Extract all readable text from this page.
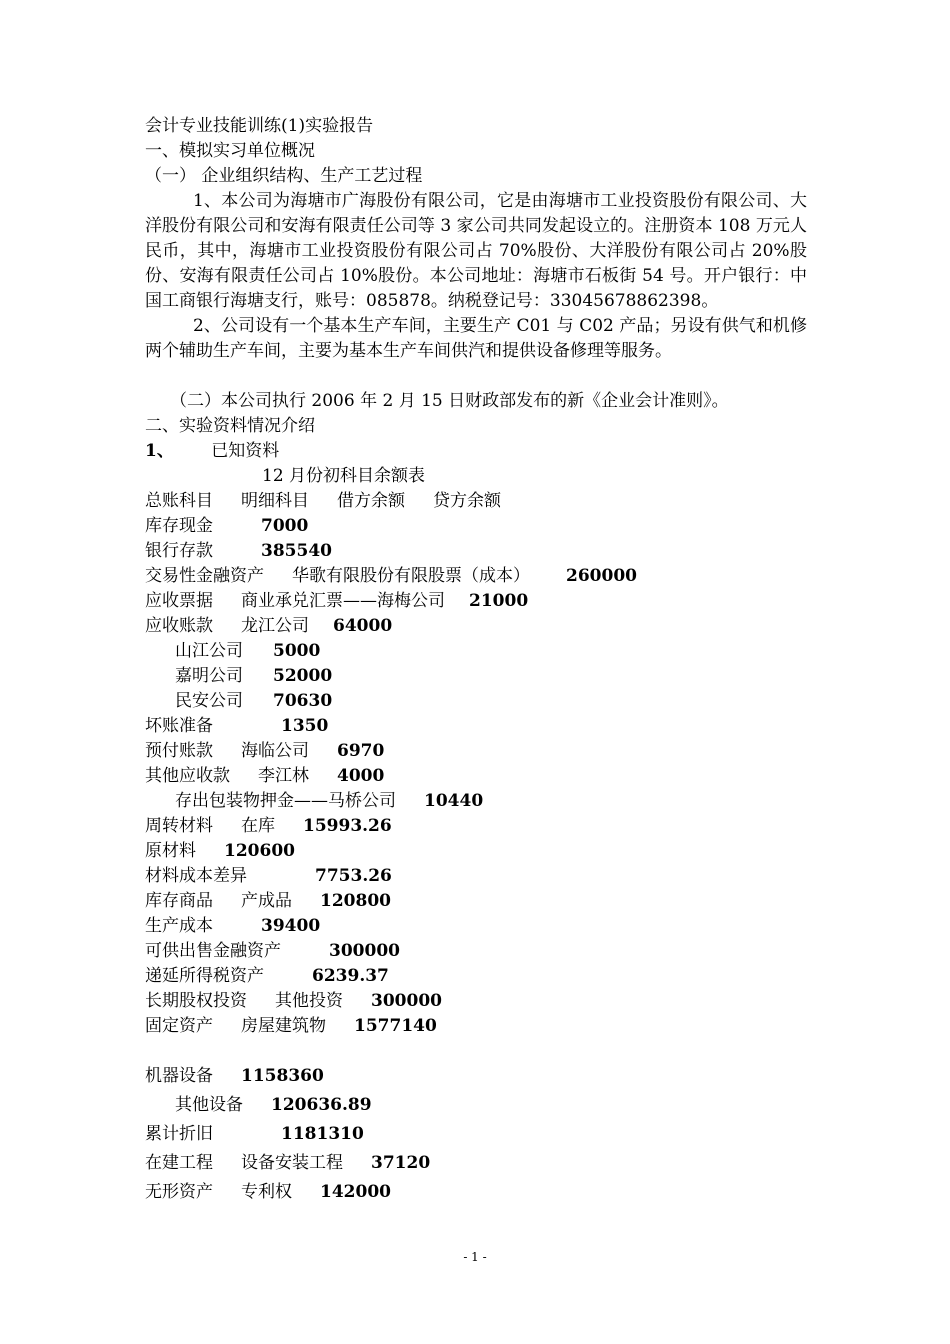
会计专业技能训练(1)实验报告
一、模拟实习单位概况
（一） 企业组织结构、生产工艺过程

1、本公司为海塘市广海股份有限公司，它是由海塘市工业投资股份有限公司、大洋股份有限公司和安海有限责任公司等 3 家公司共同发起设立的。注册资本 108 万元人民币，其中，海塘市工业投资股份有限公司占 70%股份、大洋股份有限公司占 20%股份、安海有限责任公司占 10%股份。本公司地址：海塘市石板街 54 号。开户银行：中国工商银行海塘支行，账号：085878。纳税登记号：33045678862398。

2、公司设有一个基本生产车间，主要生产 C01 与 C02 产品；另设有供气和机修两个辅助生产车间，主要为基本生产车间供汽和提供设备修理等服务。

（二）本公司执行 2006 年 2 月 15 日财政部发布的新《企业会计准则》。
二、实验资料情况介绍
1、 已知资料
12 月份初科目余额表
总账科目 明细科目 借方余额 贷方余额
库存现金	7000
银行存款	385540
交易性金融资产 华歌有限股份有限股票（成本） 260000
应收票据 商业承兑汇票——海梅公司 21000
应收账款 龙江公司 64000
山江公司 5000
嘉明公司 52000
民安公司 70630
坏账准备	1350
预付账款 海临公司 6970
其他应收款 李江林 4000
存出包装物押金——马桥公司 10440
周转材料 在库 15993.26
原材料 120600
材料成本差异	7753.26
库存商品 产成品 120800
生产成本	39400
可供出售金融资产	300000
递延所得税资产	6239.37
长期股权投资 其他投资 300000
固定资产 房屋建筑物 1577140
机器设备 1158360
其他设备 120636.89
累计折旧	1181310
在建工程 设备安装工程 37120
无形资产 专利权 142000
- 1 -
